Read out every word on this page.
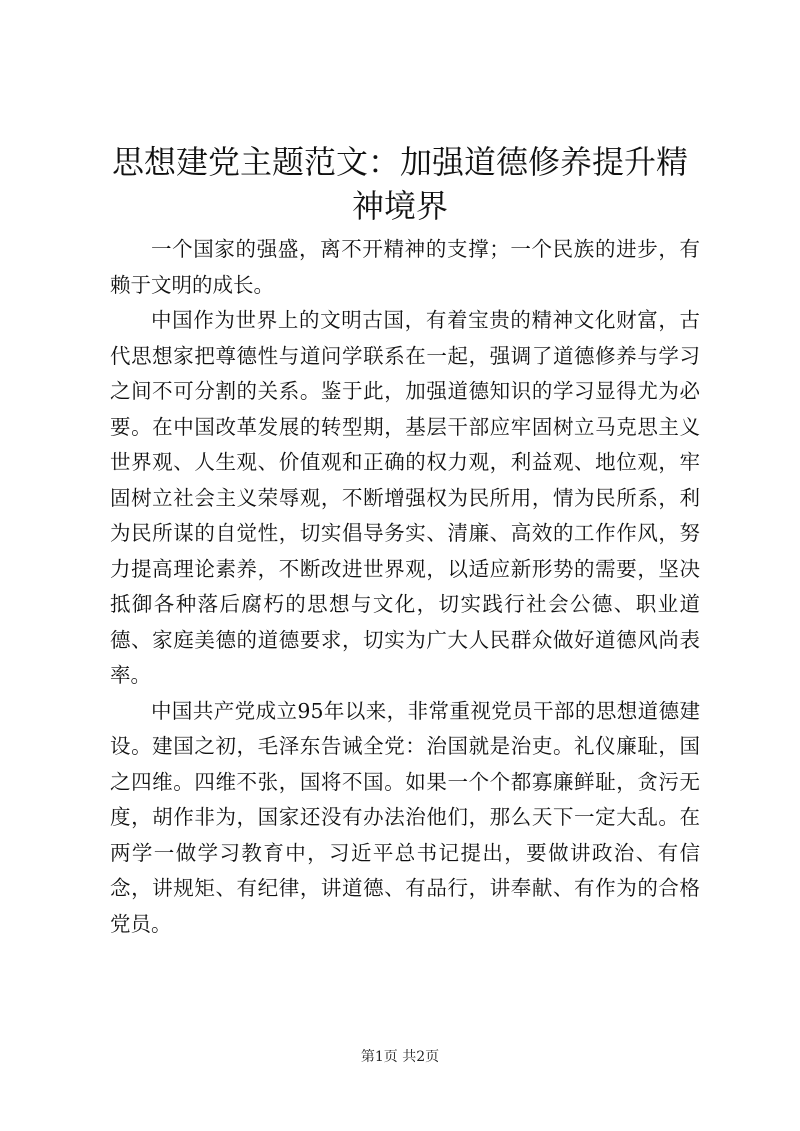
思想建党主题范文：加强道德修养提升精神境界

一个国家的强盛，离不开精神的支撑；一个民族的进步，有赖于文明的成长。

中国作为世界上的文明古国，有着宝贵的精神文化财富，古代思想家把尊德性与道问学联系在一起，强调了道德修养与学习之间不可分割的关系。鉴于此，加强道德知识的学习显得尤为必要。在中国改革发展的转型期，基层干部应牢固树立马克思主义世界观、人生观、价值观和正确的权力观，利益观、地位观，牢固树立社会主义荣辱观，不断增强权为民所用，情为民所系，利为民所谋的自觉性，切实倡导务实、清廉、高效的工作作风，努力提高理论素养，不断改进世界观，以适应新形势的需要，坚决抵御各种落后腐朽的思想与文化，切实践行社会公德、职业道德、家庭美德的道德要求，切实为广大人民群众做好道德风尚表率。

中国共产党成立95年以来，非常重视党员干部的思想道德建设。建国之初，毛泽东告诫全党：治国就是治吏。礼仪廉耻，国之四维。四维不张，国将不国。如果一个个都寡廉鲜耻，贪污无度，胡作非为，国家还没有办法治他们，那么天下一定大乱。在两学一做学习教育中，习近平总书记提出，要做讲政治、有信念，讲规矩、有纪律，讲道德、有品行，讲奉献、有作为的合格党员。

第1页 共2页
